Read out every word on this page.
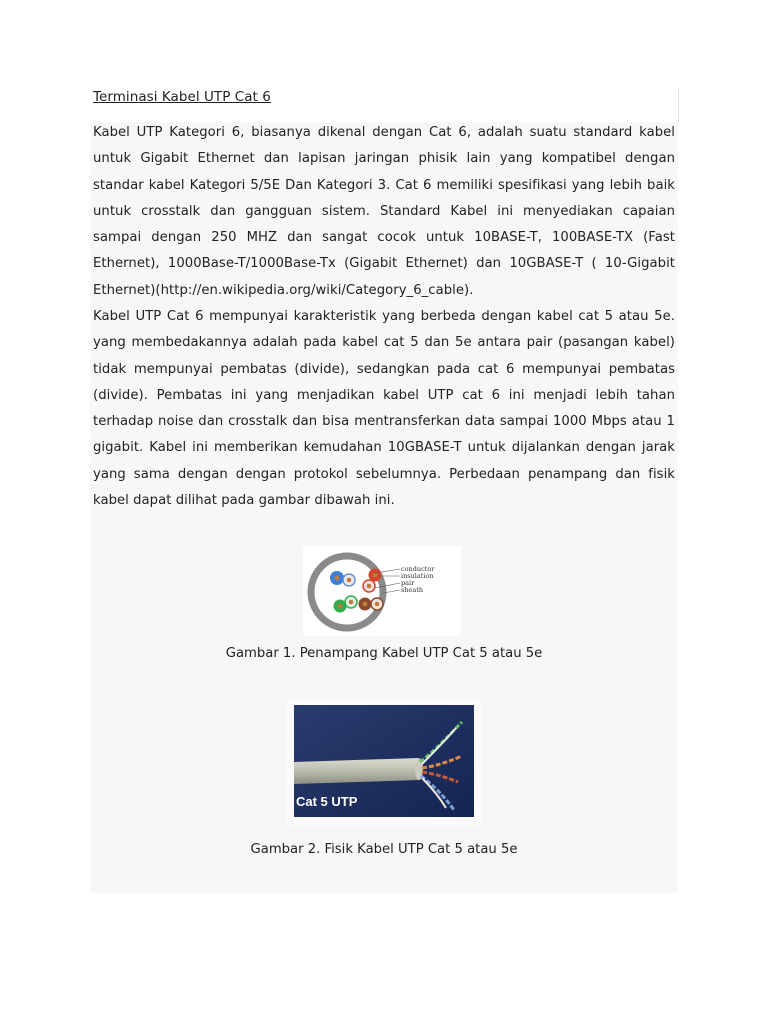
Terminasi Kabel UTP Cat 6

Kabel UTP Kategori 6, biasanya dikenal dengan Cat 6, adalah suatu standard kabel untuk Gigabit Ethernet dan lapisan jaringan phisik lain yang kompatibel dengan standar kabel Kategori 5/5E Dan Kategori 3. Cat 6 memiliki spesifikasi yang lebih baik untuk crosstalk dan gangguan sistem. Standard Kabel ini menyediakan capaian sampai dengan 250 MHZ dan sangat cocok untuk 10BASE-T, 100BASE-TX (Fast Ethernet), 1000Base-T/1000Base-Tx (Gigabit Ethernet) dan 10GBASE-T ( 10-Gigabit Ethernet)(http://en.wikipedia.org/wiki/Category_6_cable).

Kabel UTP Cat 6 mempunyai karakteristik yang berbeda dengan kabel cat 5 atau 5e. yang membedakannya adalah pada kabel cat 5 dan 5e antara pair (pasangan kabel) tidak mempunyai pembatas (divide), sedangkan pada cat 6 mempunyai pembatas (divide). Pembatas ini yang menjadikan kabel UTP cat 6 ini menjadi lebih tahan terhadap noise dan crosstalk dan bisa mentransferkan data sampai 1000 Mbps atau 1 gigabit. Kabel ini memberikan kemudahan 10GBASE-T untuk dijalankan dengan jarak yang sama dengan dengan protokol sebelumnya. Perbedaan penampang dan fisik kabel dapat dilihat pada gambar dibawah ini.

conductor
insulation
pair
sheath
Gambar 1. Penampang Kabel UTP Cat 5 atau 5e
Cat 5 UTP
Gambar 2. Fisik Kabel UTP Cat 5 atau 5e
